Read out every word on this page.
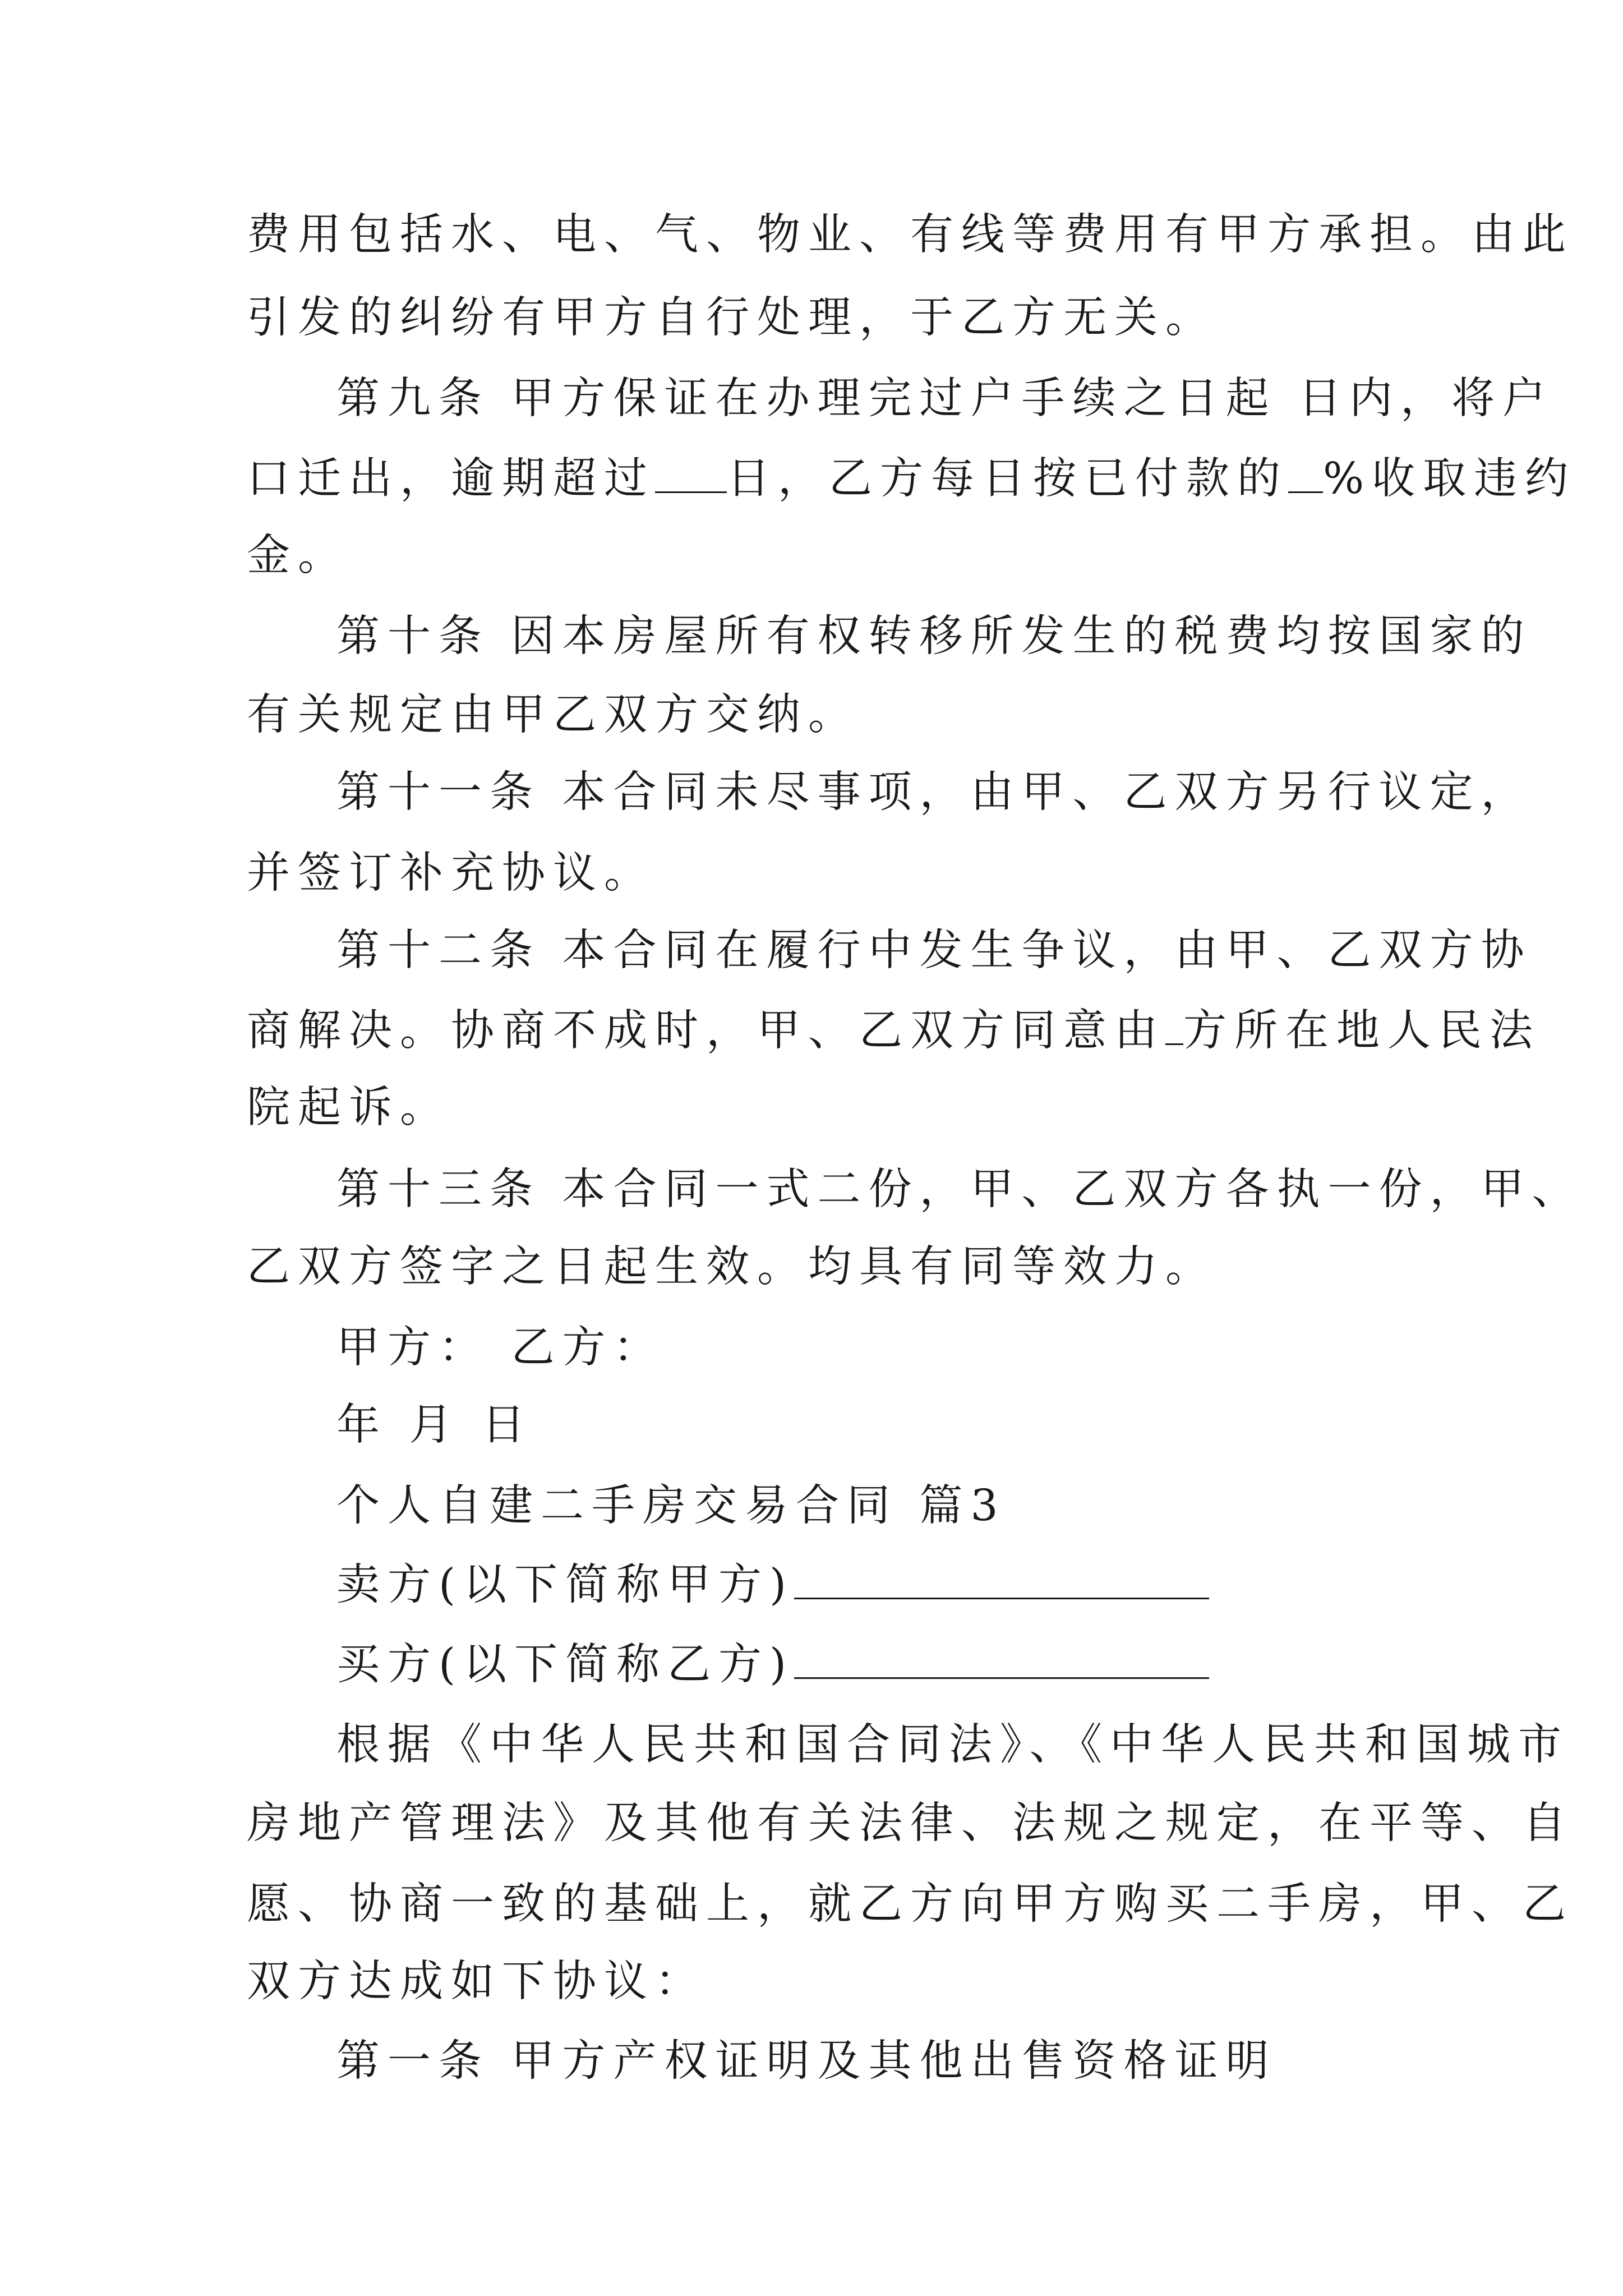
费用包括水、电、气、物业、有线等费用有甲方承担。由此
引发的纠纷有甲方自行处理，于乙方无关。
第九条 甲方保证在办理完过户手续之日起 日内，将户
口迁出，逾期超过 日，乙方每日按已付款的 %收取违约
金。
第十条 因本房屋所有权转移所发生的税费均按国家的
有关规定由甲乙双方交纳。
第十一条 本合同未尽事项，由甲、乙双方另行议定，
并签订补充协议。
第十二条 本合同在履行中发生争议，由甲、乙双方协
商解决。协商不成时，甲、乙双方同意由 方所在地人民法
院起诉。
第十三条 本合同一式二份，甲、乙双方各执一份，甲、
乙双方签字之日起生效。均具有同等效力。
甲方： 乙方：
年 月 日
个人自建二手房交易合同 篇3
卖方(以下简称甲方)
买方(以下简称乙方)
根据《中华人民共和国合同法》、《中华人民共和国城市
房地产管理法》及其他有关法律、法规之规定，在平等、自
愿、协商一致的基础上，就乙方向甲方购买二手房，甲、乙
双方达成如下协议：
第一条 甲方产权证明及其他出售资格证明
